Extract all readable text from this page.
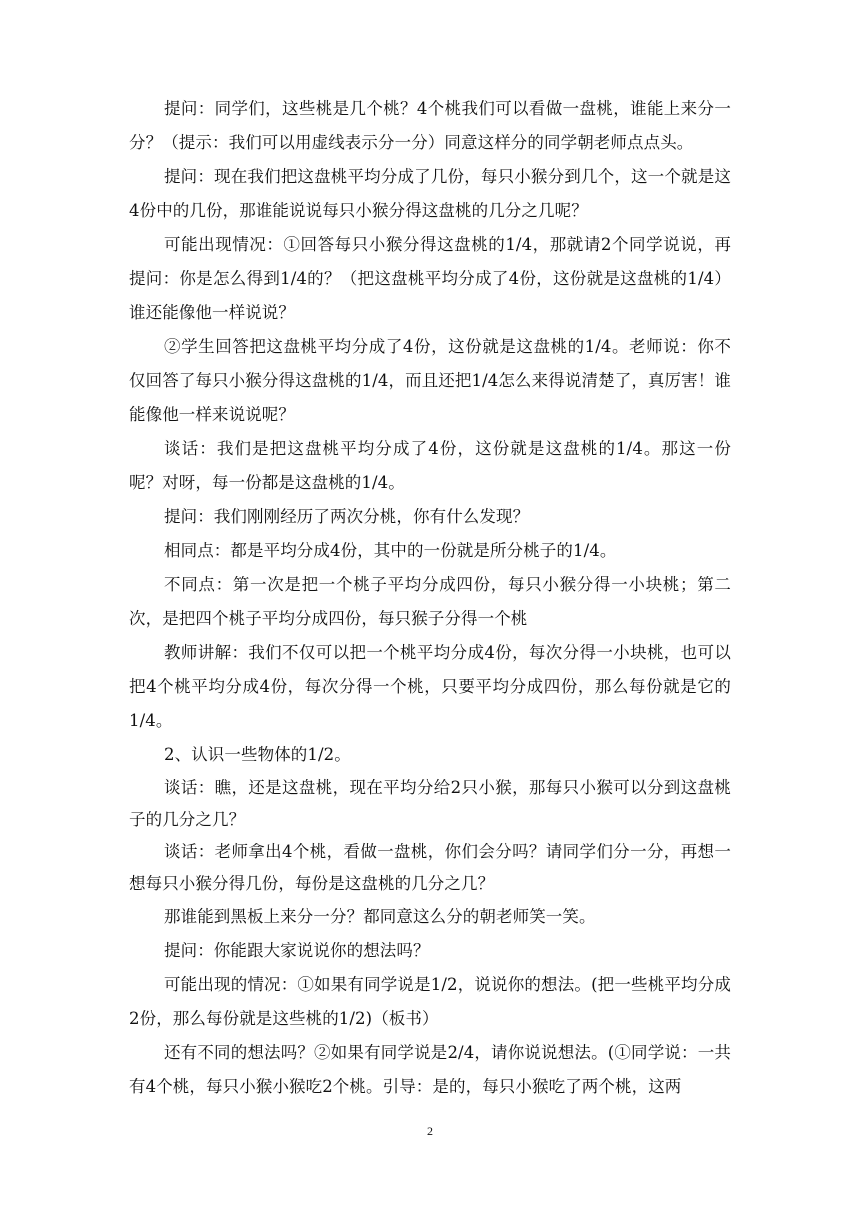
提问：同学们，这些桃是几个桃？4个桃我们可以看做一盘桃，谁能上来分一分？（提示：我们可以用虚线表示分一分）同意这样分的同学朝老师点点头。

提问：现在我们把这盘桃平均分成了几份，每只小猴分到几个，这一个就是这4份中的几份，那谁能说说每只小猴分得这盘桃的几分之几呢？

可能出现情况：①回答每只小猴分得这盘桃的1/4，那就请2个同学说说，再提问：你是怎么得到1/4的？（把这盘桃平均分成了4份，这份就是这盘桃的1/4）谁还能像他一样说说？

②学生回答把这盘桃平均分成了4份，这份就是这盘桃的1/4。老师说：你不仅回答了每只小猴分得这盘桃的1/4，而且还把1/4怎么来得说清楚了，真厉害！谁能像他一样来说说呢？

谈话：我们是把这盘桃平均分成了4份，这份就是这盘桃的1/4。那这一份呢？对呀，每一份都是这盘桃的1/4。

提问：我们刚刚经历了两次分桃，你有什么发现？

相同点：都是平均分成4份，其中的一份就是所分桃子的1/4。

不同点：第一次是把一个桃子平均分成四份，每只小猴分得一小块桃；第二次，是把四个桃子平均分成四份，每只猴子分得一个桃

教师讲解：我们不仅可以把一个桃平均分成4份，每次分得一小块桃，也可以把4个桃平均分成4份，每次分得一个桃，只要平均分成四份，那么每份就是它的1/4。

2、认识一些物体的1/2。

谈话：瞧，还是这盘桃，现在平均分给2只小猴，那每只小猴可以分到这盘桃子的几分之几？

谈话：老师拿出4个桃，看做一盘桃，你们会分吗？请同学们分一分，再想一想每只小猴分得几份，每份是这盘桃的几分之几？

那谁能到黑板上来分一分？都同意这么分的朝老师笑一笑。

提问：你能跟大家说说你的想法吗？

可能出现的情况：①如果有同学说是1/2，说说你的想法。(把一些桃平均分成2份，那么每份就是这些桃的1/2)（板书）

还有不同的想法吗？②如果有同学说是2/4，请你说说想法。(①同学说：一共有4个桃，每只小猴小猴吃2个桃。引导：是的，每只小猴吃了两个桃，这两

2
